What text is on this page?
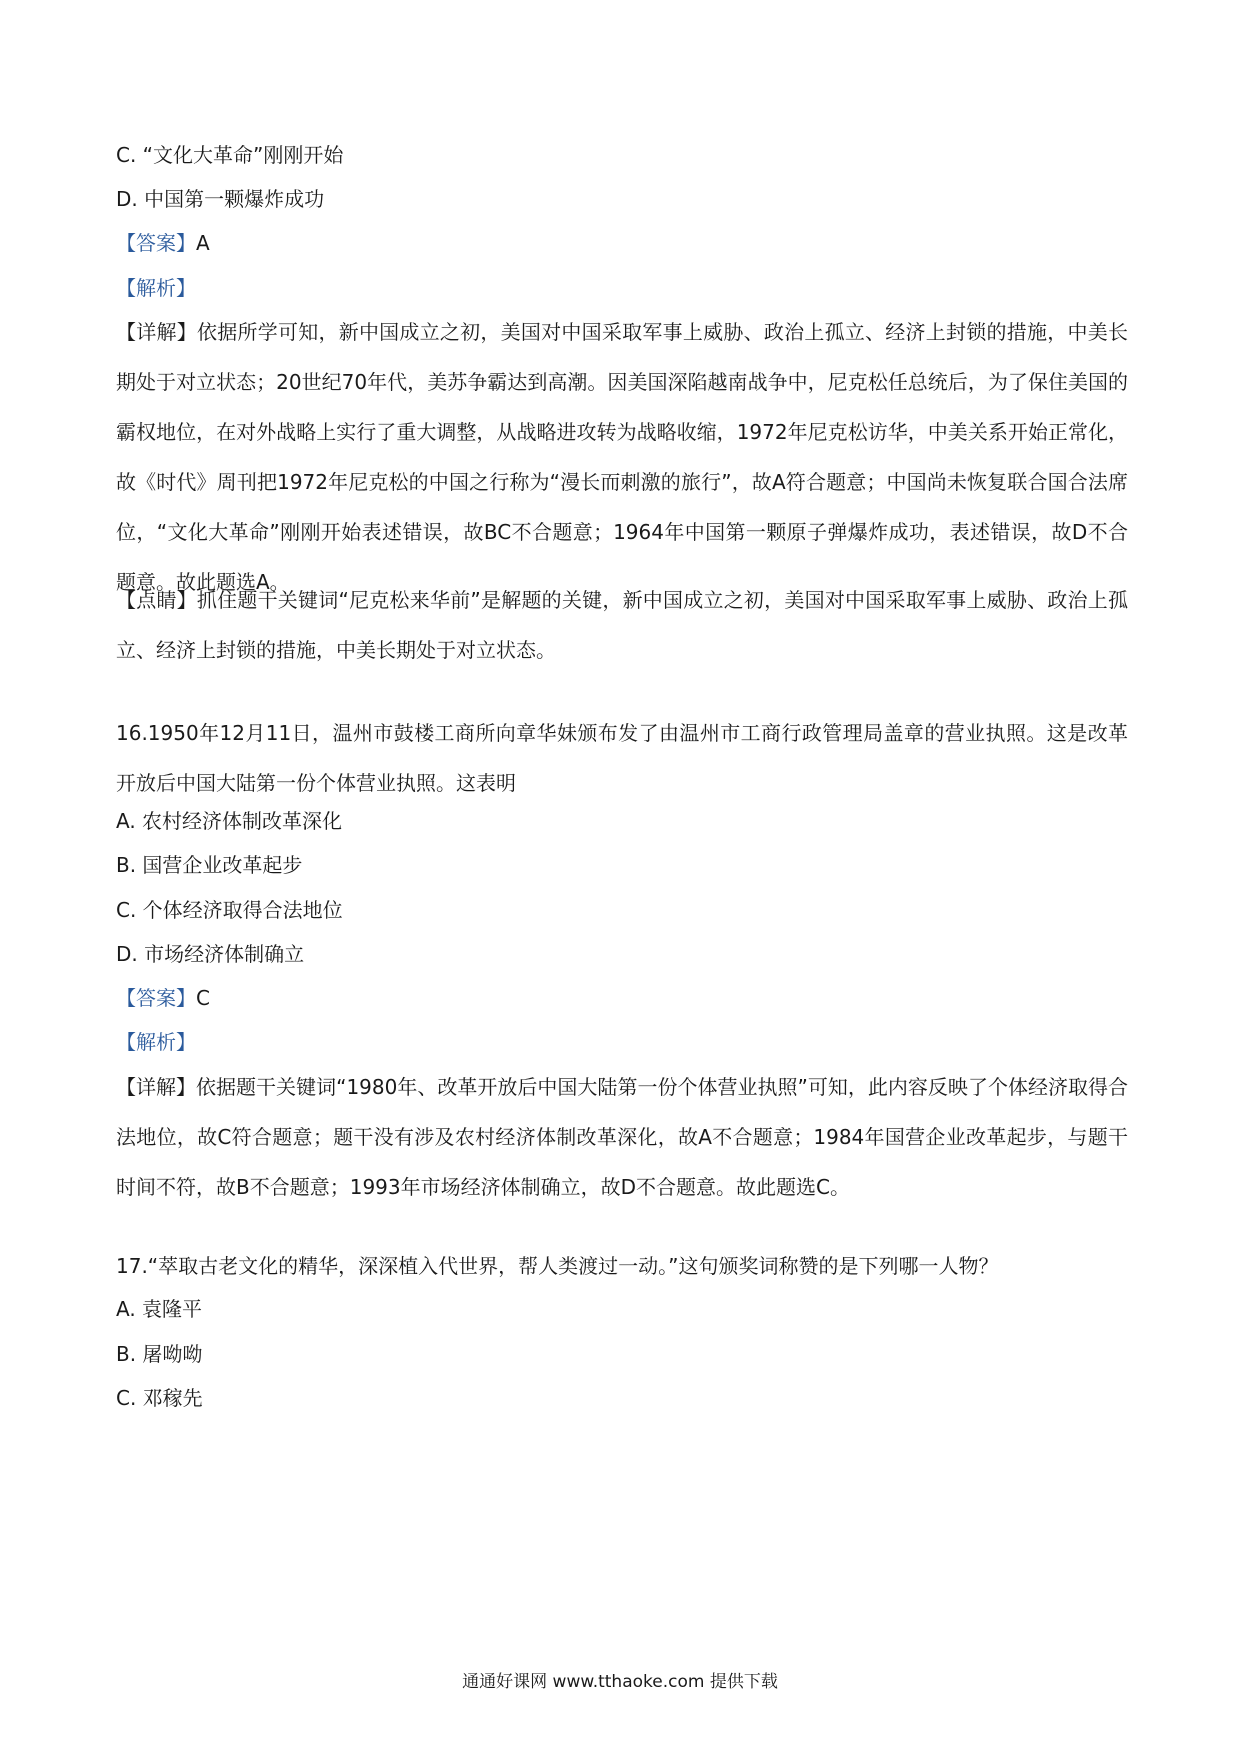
C. “文化大革命”刚刚开始
D. 中国第一颗爆炸成功
【答案】A
【解析】
【详解】依据所学可知，新中国成立之初，美国对中国采取军事上威胁、政治上孤立、经济上封锁的措施，中美长期处于对立状态；20世纪70年代，美苏争霸达到高潮。因美国深陷越南战争中，尼克松任总统后，为了保住美国的霸权地位，在对外战略上实行了重大调整，从战略进攻转为战略收缩，1972年尼克松访华，中美关系开始正常化，故《时代》周刊把1972年尼克松的中国之行称为“漫长而刺激的旅行”，故A符合题意；中国尚未恢复联合国合法席位，“文化大革命”刚刚开始表述错误，故BC不合题意；1964年中国第一颗原子弹爆炸成功，表述错误，故D不合题意。故此题选A。
【点睛】抓住题干关键词“尼克松来华前”是解题的关键，新中国成立之初，美国对中国采取军事上威胁、政治上孤立、经济上封锁的措施，中美长期处于对立状态。
16.1950年12月11日，温州市鼓楼工商所向章华妹颁布发了由温州市工商行政管理局盖章的营业执照。这是改革开放后中国大陆第一份个体营业执照。这表明
A. 农村经济体制改革深化
B. 国营企业改革起步
C. 个体经济取得合法地位
D. 市场经济体制确立
【答案】C
【解析】
【详解】依据题干关键词“1980年、改革开放后中国大陆第一份个体营业执照”可知，此内容反映了个体经济取得合法地位，故C符合题意；题干没有涉及农村经济体制改革深化，故A不合题意；1984年国营企业改革起步，与题干时间不符，故B不合题意；1993年市场经济体制确立，故D不合题意。故此题选C。
17.“萃取古老文化的精华，深深植入代世界，帮人类渡过一动。”这句颁奖词称赞的是下列哪一人物？
A. 袁隆平
B. 屠呦呦
C. 邓稼先
通通好课网 www.tthaoke.com 提供下载
